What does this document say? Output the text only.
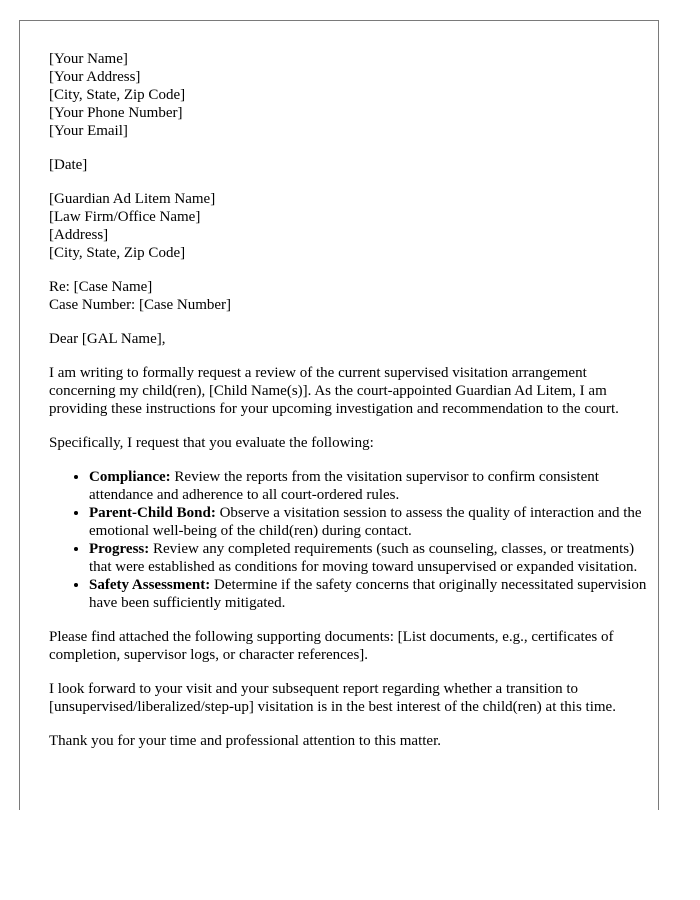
[Your Name]
[Your Address]
[City, State, Zip Code]
[Your Phone Number]
[Your Email]

[Date]

[Guardian Ad Litem Name]
[Law Firm/Office Name]
[Address]
[City, State, Zip Code]

Re: [Case Name]
Case Number: [Case Number]

Dear [GAL Name],

I am writing to formally request a review of the current supervised visitation arrangement concerning my child(ren), [Child Name(s)]. As the court-appointed Guardian Ad Litem, I am providing these instructions for your upcoming investigation and recommendation to the court.

Specifically, I request that you evaluate the following:

• Compliance: Review the reports from the visitation supervisor to confirm consistent attendance and adherence to all court-ordered rules.
• Parent-Child Bond: Observe a visitation session to assess the quality of interaction and the emotional well-being of the child(ren) during contact.
• Progress: Review any completed requirements (such as counseling, classes, or treatments) that were established as conditions for moving toward unsupervised or expanded visitation.
• Safety Assessment: Determine if the safety concerns that originally necessitated supervision have been sufficiently mitigated.

Please find attached the following supporting documents: [List documents, e.g., certificates of completion, supervisor logs, or character references].

I look forward to your visit and your subsequent report regarding whether a transition to [unsupervised/liberalized/step-up] visitation is in the best interest of the child(ren) at this time.

Thank you for your time and professional attention to this matter.
